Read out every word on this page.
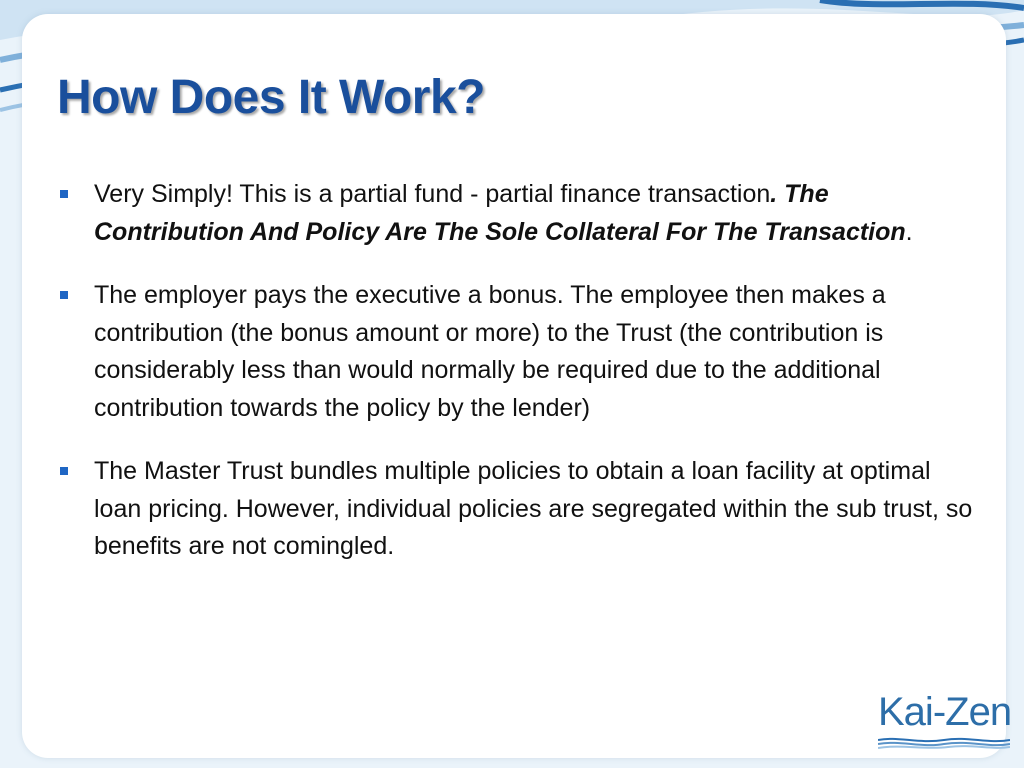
How Does It Work?
Very Simply! This is a partial fund - partial finance transaction. The Contribution And Policy Are The Sole Collateral For The Transaction.
The employer pays the executive a bonus. The employee then makes a contribution (the bonus amount or more) to the Trust (the contribution is considerably less than would normally be required due to the additional contribution towards the policy by the lender)
The Master Trust bundles multiple policies to obtain a loan facility at optimal loan pricing. However, individual policies are segregated within the sub trust, so benefits are not comingled.
Kai-Zen
